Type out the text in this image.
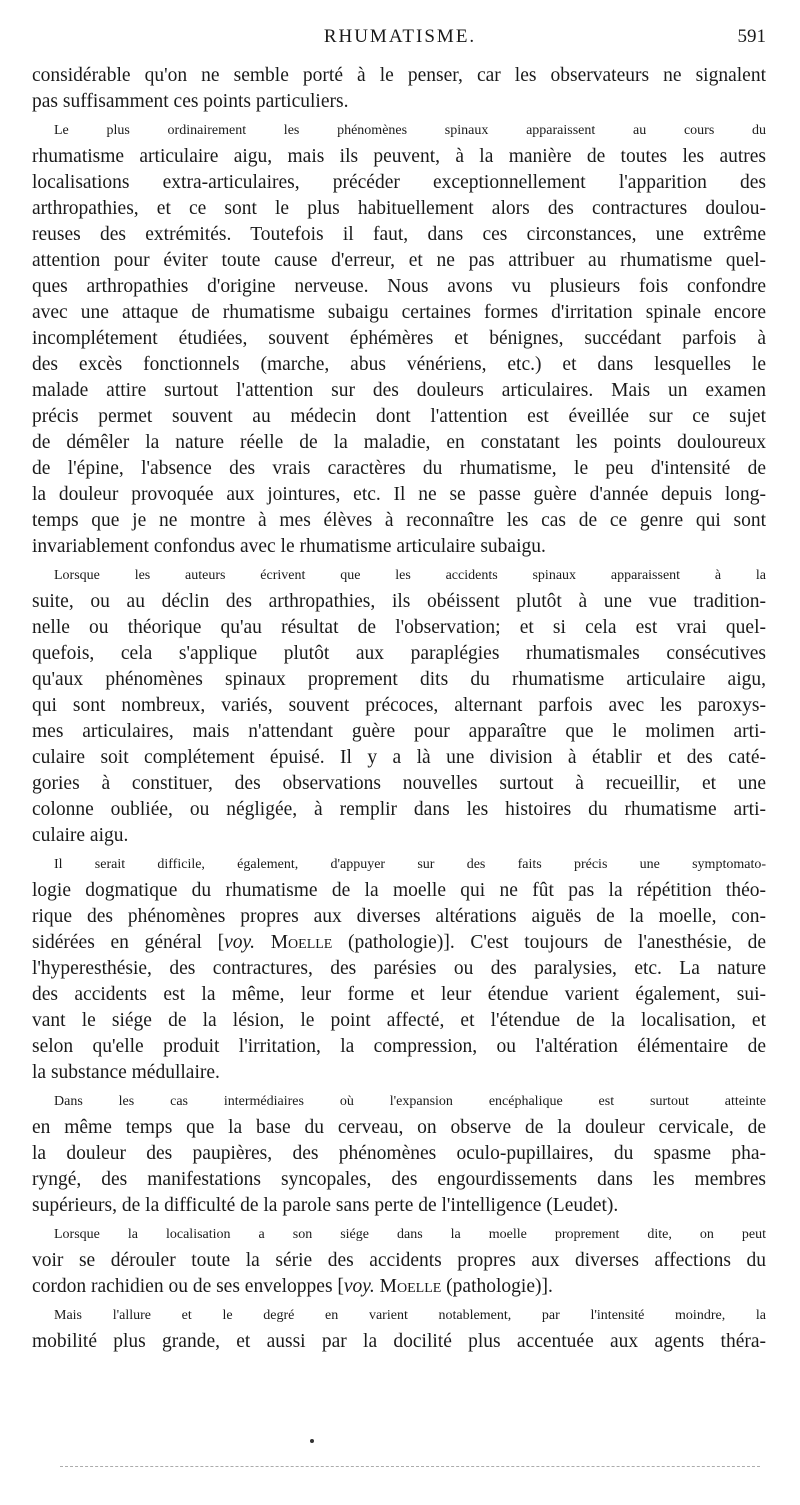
RHUMATISME.	591

considérable qu'on ne semble porté à le penser, car les observateurs ne signalent
pas suffisamment ces points particuliers.

Le plus ordinairement les phénomènes spinaux apparaissent au cours du
rhumatisme articulaire aigu, mais ils peuvent, à la manière de toutes les autres
localisations extra-articulaires, précéder exceptionnellement l'apparition des
arthropathies, et ce sont le plus habituellement alors des contractures doulou-
reuses des extrémités. Toutefois il faut, dans ces circonstances, une extrême
attention pour éviter toute cause d'erreur, et ne pas attribuer au rhumatisme quel-
ques arthropathies d'origine nerveuse. Nous avons vu plusieurs fois confondre
avec une attaque de rhumatisme subaigu certaines formes d'irritation spinale encore
incomplétement étudiées, souvent éphémères et bénignes, succédant parfois à
des excès fonctionnels (marche, abus vénériens, etc.) et dans lesquelles le
malade attire surtout l'attention sur des douleurs articulaires. Mais un examen
précis permet souvent au médecin dont l'attention est éveillée sur ce sujet
de démêler la nature réelle de la maladie, en constatant les points douloureux
de l'épine, l'absence des vrais caractères du rhumatisme, le peu d'intensité de
la douleur provoquée aux jointures, etc. Il ne se passe guère d'année depuis long-
temps que je ne montre à mes élèves à reconnaître les cas de ce genre qui sont
invariablement confondus avec le rhumatisme articulaire subaigu.

Lorsque les auteurs écrivent que les accidents spinaux apparaissent à la
suite, ou au déclin des arthropathies, ils obéissent plutôt à une vue tradition-
nelle ou théorique qu'au résultat de l'observation; et si cela est vrai quel-
quefois, cela s'applique plutôt aux paraplégies rhumatismales consécutives
qu'aux phénomènes spinaux proprement dits du rhumatisme articulaire aigu,
qui sont nombreux, variés, souvent précoces, alternant parfois avec les paroxys-
mes articulaires, mais n'attendant guère pour apparaître que le molimen arti-
culaire soit complétement épuisé. Il y a là une division à établir et des caté-
gories à constituer, des observations nouvelles surtout à recueillir, et une
colonne oubliée, ou négligée, à remplir dans les histoires du rhumatisme arti-
culaire aigu.

Il serait difficile, également, d'appuyer sur des faits précis une symptomato-
logie dogmatique du rhumatisme de la moelle qui ne fût pas la répétition théo-
rique des phénomènes propres aux diverses altérations aiguës de la moelle, con-
sidérées en général [voy. Moelle (pathologie)]. C'est toujours de l'anesthésie, de
l'hyperesthésie, des contractures, des parésies ou des paralysies, etc. La nature
des accidents est la même, leur forme et leur étendue varient également, sui-
vant le siége de la lésion, le point affecté, et l'étendue de la localisation, et
selon qu'elle produit l'irritation, la compression, ou l'altération élémentaire de
la substance médullaire.

Dans les cas intermédiaires où l'expansion encéphalique est surtout atteinte
en même temps que la base du cerveau, on observe de la douleur cervicale, de
la douleur des paupières, des phénomènes oculo-pupillaires, du spasme pha-
ryngé, des manifestations syncopales, des engourdissements dans les membres
supérieurs, de la difficulté de la parole sans perte de l'intelligence (Leudet).

Lorsque la localisation a son siége dans la moelle proprement dite, on peut
voir se dérouler toute la série des accidents propres aux diverses affections du
cordon rachidien ou de ses enveloppes [voy. Moelle (pathologie)].

Mais l'allure et le degré en varient notablement, par l'intensité moindre, la
mobilité plus grande, et aussi par la docilité plus accentuée aux agents théra-
